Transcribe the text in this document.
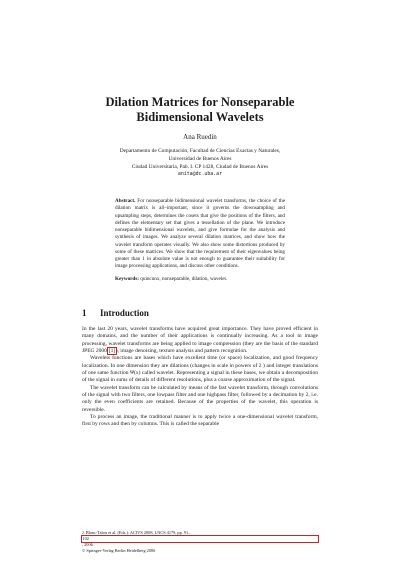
Dilation Matrices for Nonseparable
Bidimensional Wavelets
Ana Ruedin
Departamento de Computación, Facultad de Ciencias Exactas y Naturales,
Universidad de Buenos Aires
Ciudad Universitaria, Pab. I. CP 1428, Ciudad de Buenos Aires
anita@dc.uba.ar

Abstract. For nonseparable bidimensional wavelet transforms, the choice of the dilation matrix is all–important, since it governs the downsampling and upsampling steps, determines the cosets that give the positions of the filters, and defines the elementary set that gives a tessellation of the plane. We introduce nonseparable bidimensional wavelets, and give formulae for the analysis and synthesis of images. We analyze several dilation matrices, and show how the wavelet transform operates visually. We also show some distortions produced by some of these matrices. We show that the requirement of their eigenvalues being greater than 1 in absolute value is not enough to guarantee their suitability for image processing applications, and discuss other conditions.

Keywords: quincunx, nonseparable, dilation, wavelet.

1 Introduction

In the last 20 years, wavelet transforms have acquired great importance. They have proved efficient in many domains, and the number of their applications is continually increasing. As a tool in image processing, wavelet transforms are being applied to image compression (they are the basis of the standard JPEG 2000 [1]), image denoising, texture analysis and pattern recognition.

Wavelets functions are bases which have excellent time (or space) localization, and good frequency localization. In one dimension they are dilations (changes in scale in powers of 2 ) and integer translations of one same function Ψ(x) called wavelet. Representing a signal in these bases, we obtain a decomposition of the signal in sums of details of different resolutions, plus a coarse approximation of the signal.

The wavelet transform can be calculated by means of the fast wavelet transform, through convolutions of the signal with two filters, one lowpass filter and one highpass filter, followed by a decimation by 2, i.e. only the even coefficients are retained. Because of the properties of the wavelet, this operation is reversible.

To process an image, the traditional manner is to apply twice a one-dimensional wavelet transform, first by rows and then by columns. This is called the separable

J. Blanc-Talon et al. (Eds.): ACIVS 2008, LNCS 4179, pp. 91–
102
, 2006.
© Springer-Verlag Berlin Heidelberg 2006
